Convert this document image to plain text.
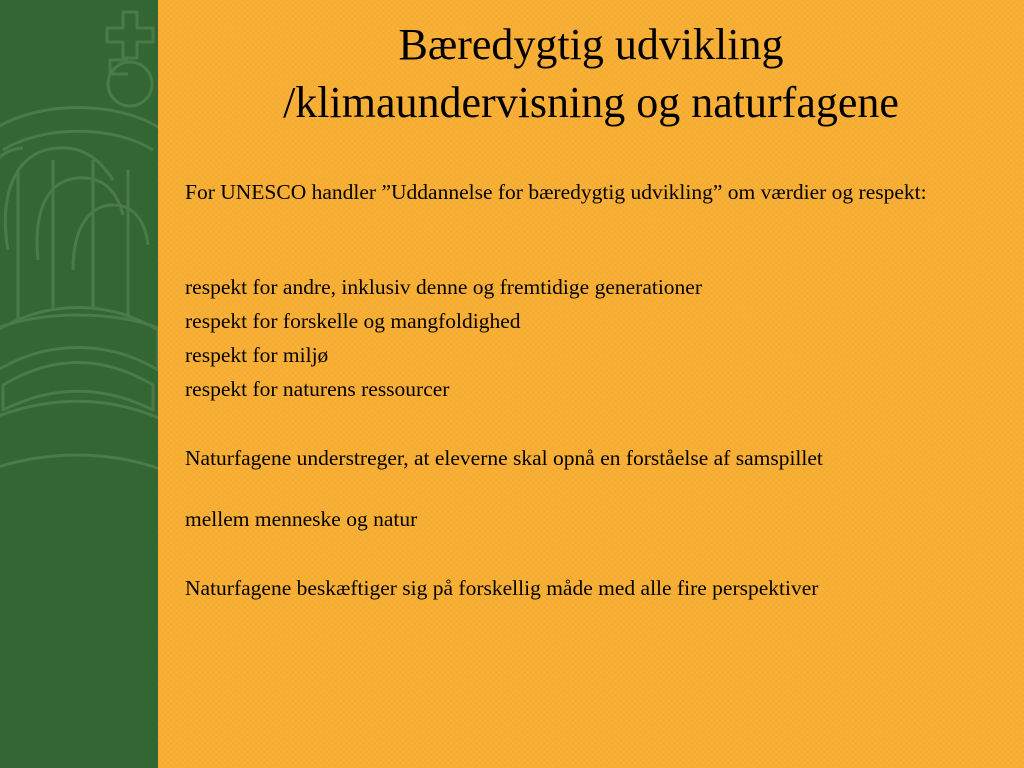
Bæredygtig udvikling
/klimaundervisning og naturfagene

For UNESCO handler ”Uddannelse for bæredygtig udvikling” om værdier og respekt:

respekt for andre, inklusiv denne og fremtidige generationer

respekt for forskelle og mangfoldighed

respekt for miljø

respekt for naturens ressourcer

Naturfagene understreger, at eleverne skal opnå en forståelse af samspillet

mellem menneske og natur

Naturfagene beskæftiger sig på forskellig måde med alle fire perspektiver
